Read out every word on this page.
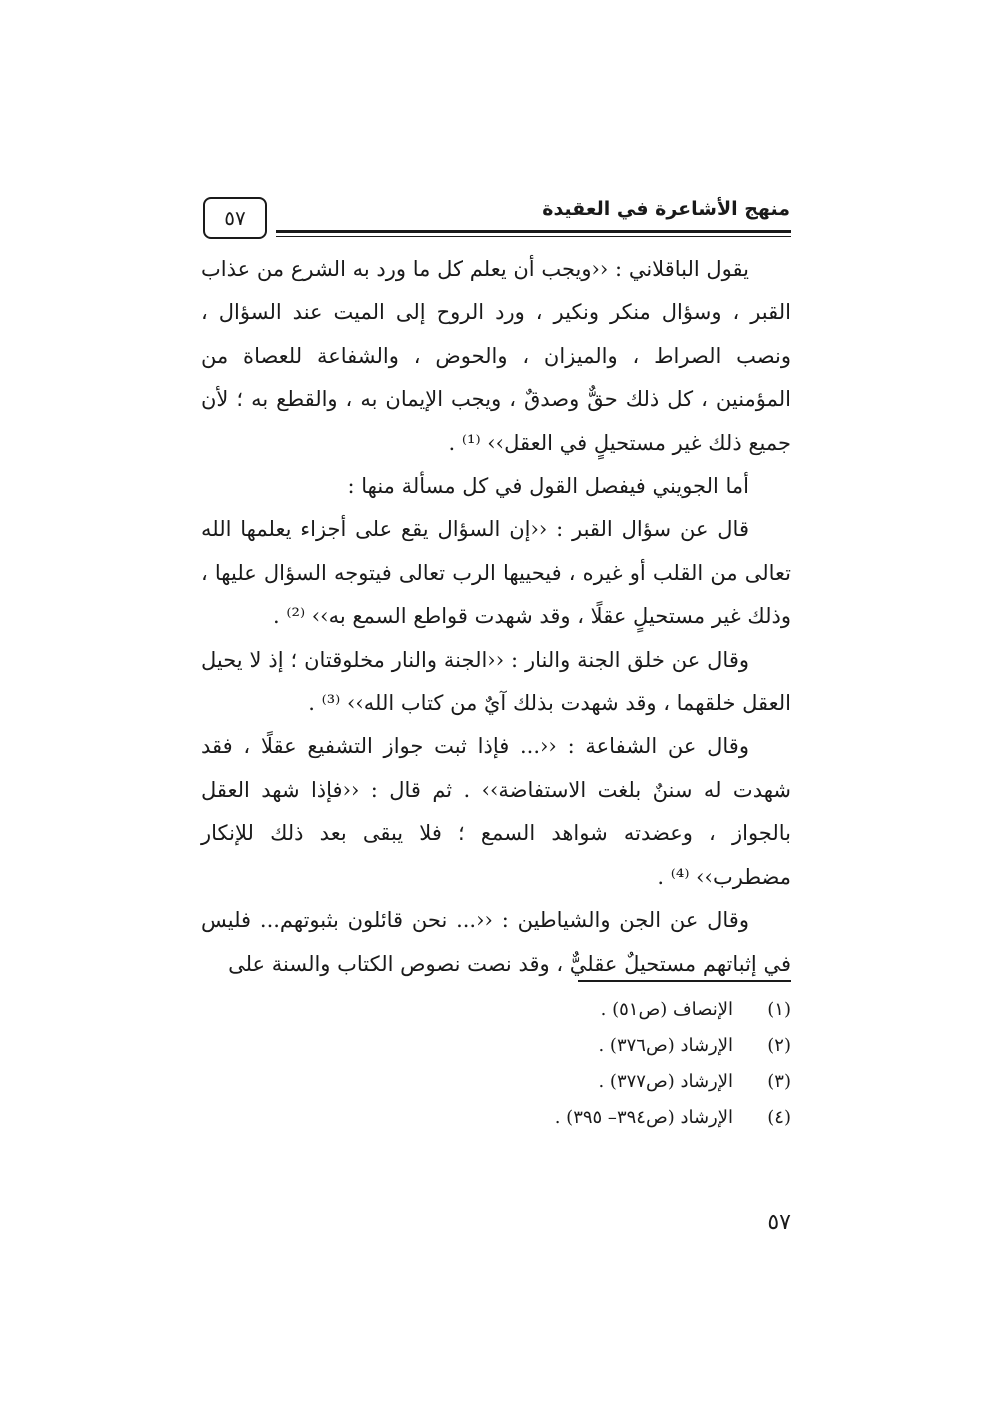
٥٧	منهج الأشاعرة في العقيدة

يقول الباقلاني : ‹‹ويجب أن يعلم كل ما ورد به الشرع من عذاب القبر ، وسؤال منكر ونكير ، ورد الروح إلى الميت عند السؤال ، ونصب الصراط ، والميزان ، والحوض ، والشفاعة للعصاة من المؤمنين ، كل ذلك حقٌّ وصدقٌ ، ويجب الإيمان به ، والقطع به ؛ لأن جميع ذلك غير مستحيلٍ في العقل›› ⁽¹⁾ .

أما الجويني فيفصل القول في كل مسألة منها :

قال عن سؤال القبر : ‹‹إن السؤال يقع على أجزاء يعلمها الله تعالى من القلب أو غيره ، فيحييها الرب تعالى فيتوجه السؤال عليها ، وذلك غير مستحيلٍ عقلًا ، وقد شهدت قواطع السمع به›› ⁽²⁾ .

وقال عن خلق الجنة والنار : ‹‹الجنة والنار مخلوقتان ؛ إذ لا يحيل العقل خلقهما ، وقد شهدت بذلك آيٌ من كتاب الله›› ⁽³⁾ .

وقال عن الشفاعة : ‹‹... فإذا ثبت جواز التشفيع عقلًا ، فقد شهدت له سننٌ بلغت الاستفاضة›› . ثم قال : ‹‹فإذا شهد العقل بالجواز ، وعضدته شواهد السمع ؛ فلا يبقى بعد ذلك للإنكار مضطرب›› ⁽⁴⁾ .

وقال عن الجن والشياطين : ‹‹... نحن قائلون بثبوتهم... فليس في إثباتهم مستحيلٌ عقليٌّ ، وقد نصت نصوص الكتاب والسنة على

(١)
الإنصاف (ص٥١) .
(٢)
الإرشاد (ص٣٧٦) .
(٣)
الإرشاد (ص٣٧٧) .
(٤)
الإرشاد (ص٣٩٤– ٣٩٥) .
٥٧
